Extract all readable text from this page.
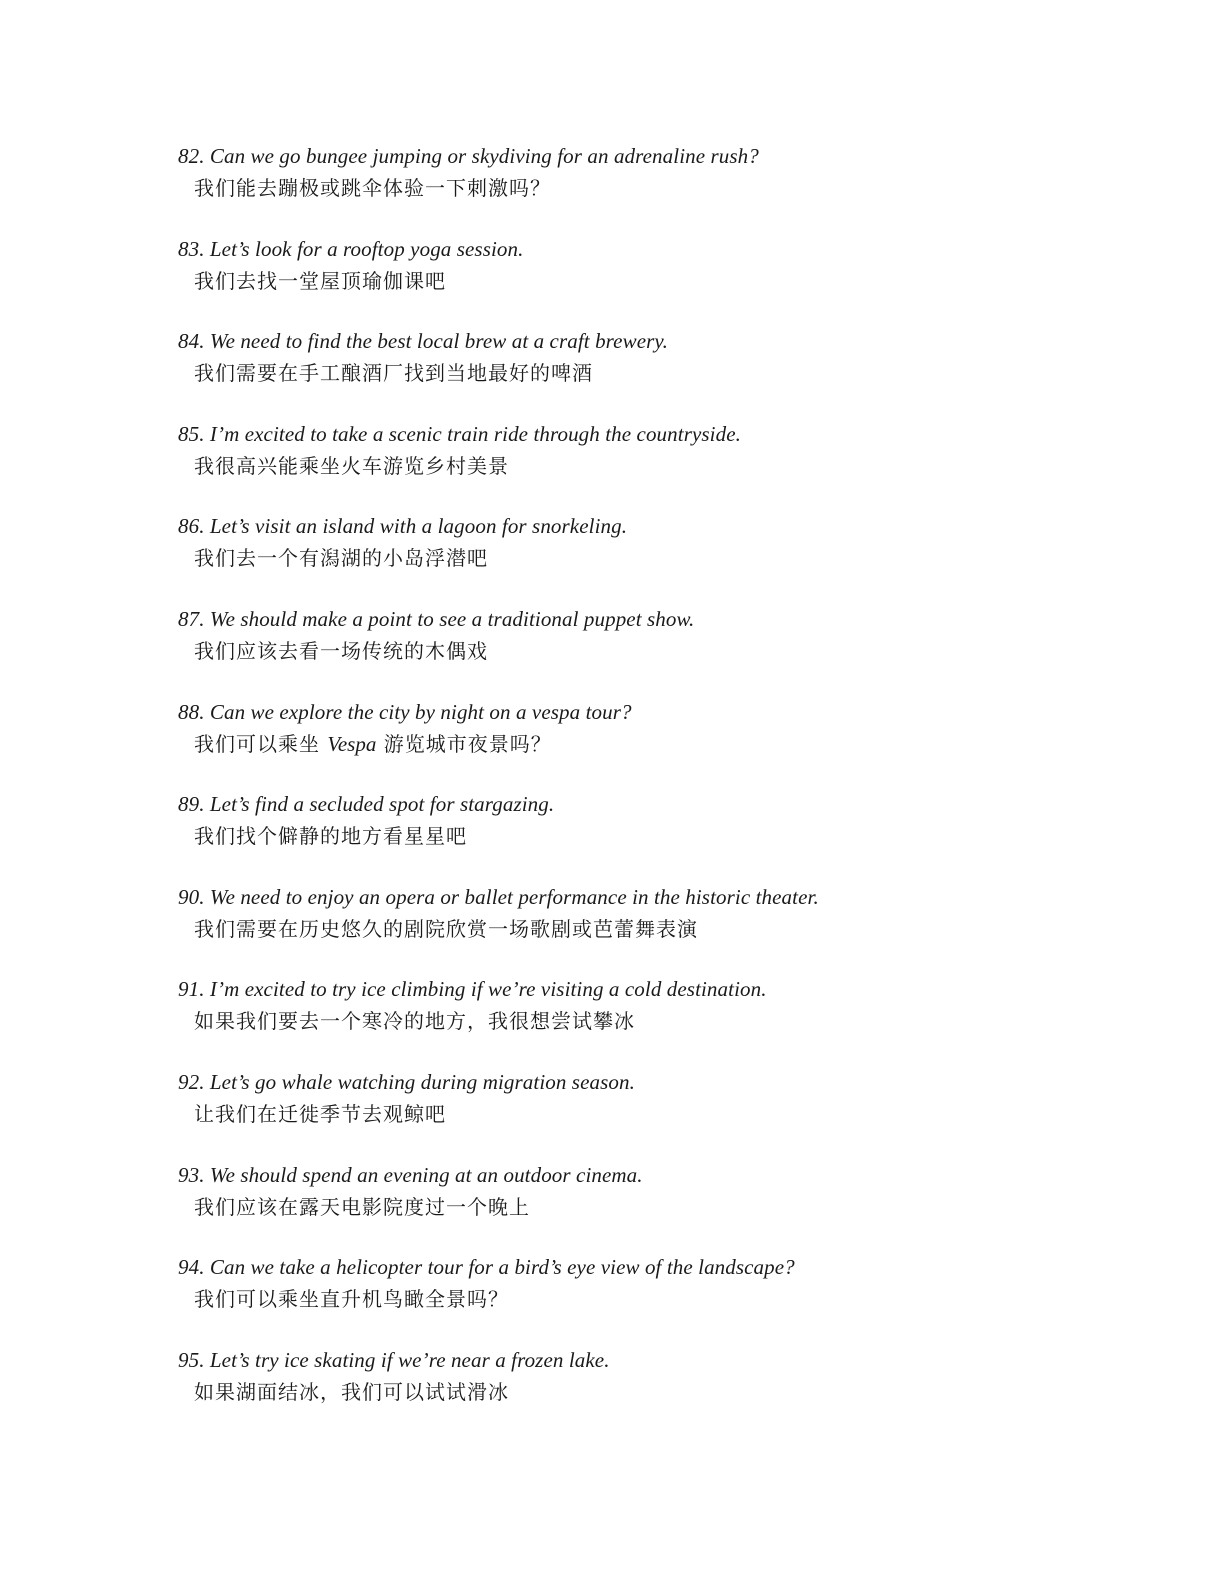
82. Can we go bungee jumping or skydiving for an adrenaline rush?
我们能去蹦极或跳伞体验一下刺激吗？
83. Let’s look for a rooftop yoga session.
我们去找一堂屋顶瑜伽课吧
84. We need to find the best local brew at a craft brewery.
我们需要在手工酿酒厂找到当地最好的啤酒
85. I’m excited to take a scenic train ride through the countryside.
我很高兴能乘坐火车游览乡村美景
86. Let’s visit an island with a lagoon for snorkeling.
我们去一个有潟湖的小岛浮潜吧
87. We should make a point to see a traditional puppet show.
我们应该去看一场传统的木偶戏
88. Can we explore the city by night on a vespa tour?
我们可以乘坐 Vespa 游览城市夜景吗？
89. Let’s find a secluded spot for stargazing.
我们找个僻静的地方看星星吧
90. We need to enjoy an opera or ballet performance in the historic theater.
我们需要在历史悠久的剧院欣赏一场歌剧或芭蕾舞表演
91. I’m excited to try ice climbing if we’re visiting a cold destination.
如果我们要去一个寒冷的地方，我很想尝试攀冰
92. Let’s go whale watching during migration season.
让我们在迁徙季节去观鲸吧
93. We should spend an evening at an outdoor cinema.
我们应该在露天电影院度过一个晚上
94. Can we take a helicopter tour for a bird’s eye view of the landscape?
我们可以乘坐直升机鸟瞰全景吗？
95. Let’s try ice skating if we’re near a frozen lake.
如果湖面结冰，我们可以试试滑冰
